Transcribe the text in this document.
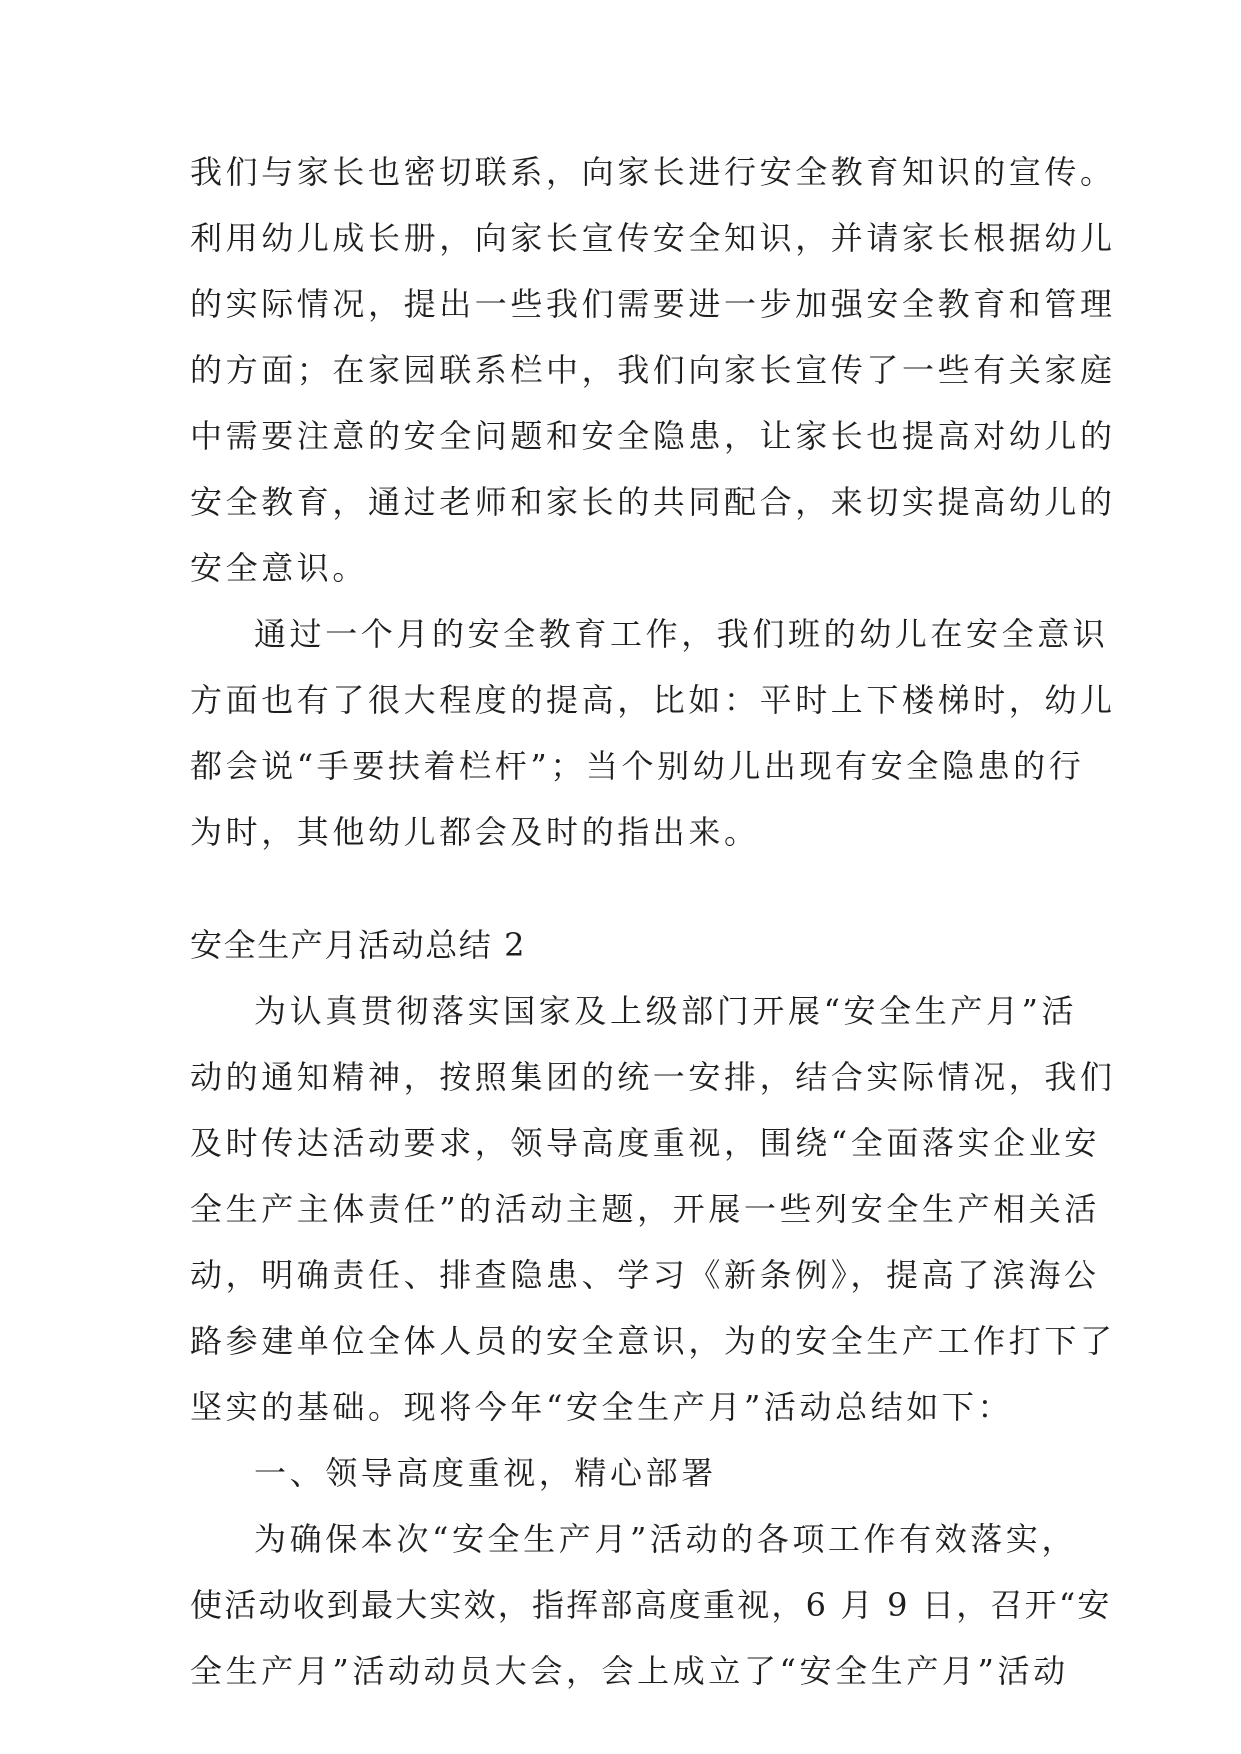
我们与家长也密切联系，向家长进行安全教育知识的宣传。

利用幼儿成长册，向家长宣传安全知识，并请家长根据幼儿

的实际情况，提出一些我们需要进一步加强安全教育和管理

的方面；在家园联系栏中，我们向家长宣传了一些有关家庭

中需要注意的安全问题和安全隐患，让家长也提高对幼儿的

安全教育，通过老师和家长的共同配合，来切实提高幼儿的

安全意识。

通过一个月的安全教育工作，我们班的幼儿在安全意识

方面也有了很大程度的提高，比如：平时上下楼梯时，幼儿

都会说“手要扶着栏杆”；当个别幼儿出现有安全隐患的行

为时，其他幼儿都会及时的指出来。

安全生产月活动总结 2

为认真贯彻落实国家及上级部门开展“安全生产月”活

动的通知精神，按照集团的统一安排，结合实际情况，我们

及时传达活动要求，领导高度重视，围绕“全面落实企业安

全生产主体责任”的活动主题，开展一些列安全生产相关活

动，明确责任、排查隐患、学习《新条例》，提高了滨海公

路参建单位全体人员的安全意识，为的安全生产工作打下了

坚实的基础。现将今年“安全生产月”活动总结如下：

一、领导高度重视，精心部署

为确保本次“安全生产月”活动的各项工作有效落实，

使活动收到最大实效，指挥部高度重视，6 月 9 日，召开“安

全生产月”活动动员大会，会上成立了“安全生产月”活动
